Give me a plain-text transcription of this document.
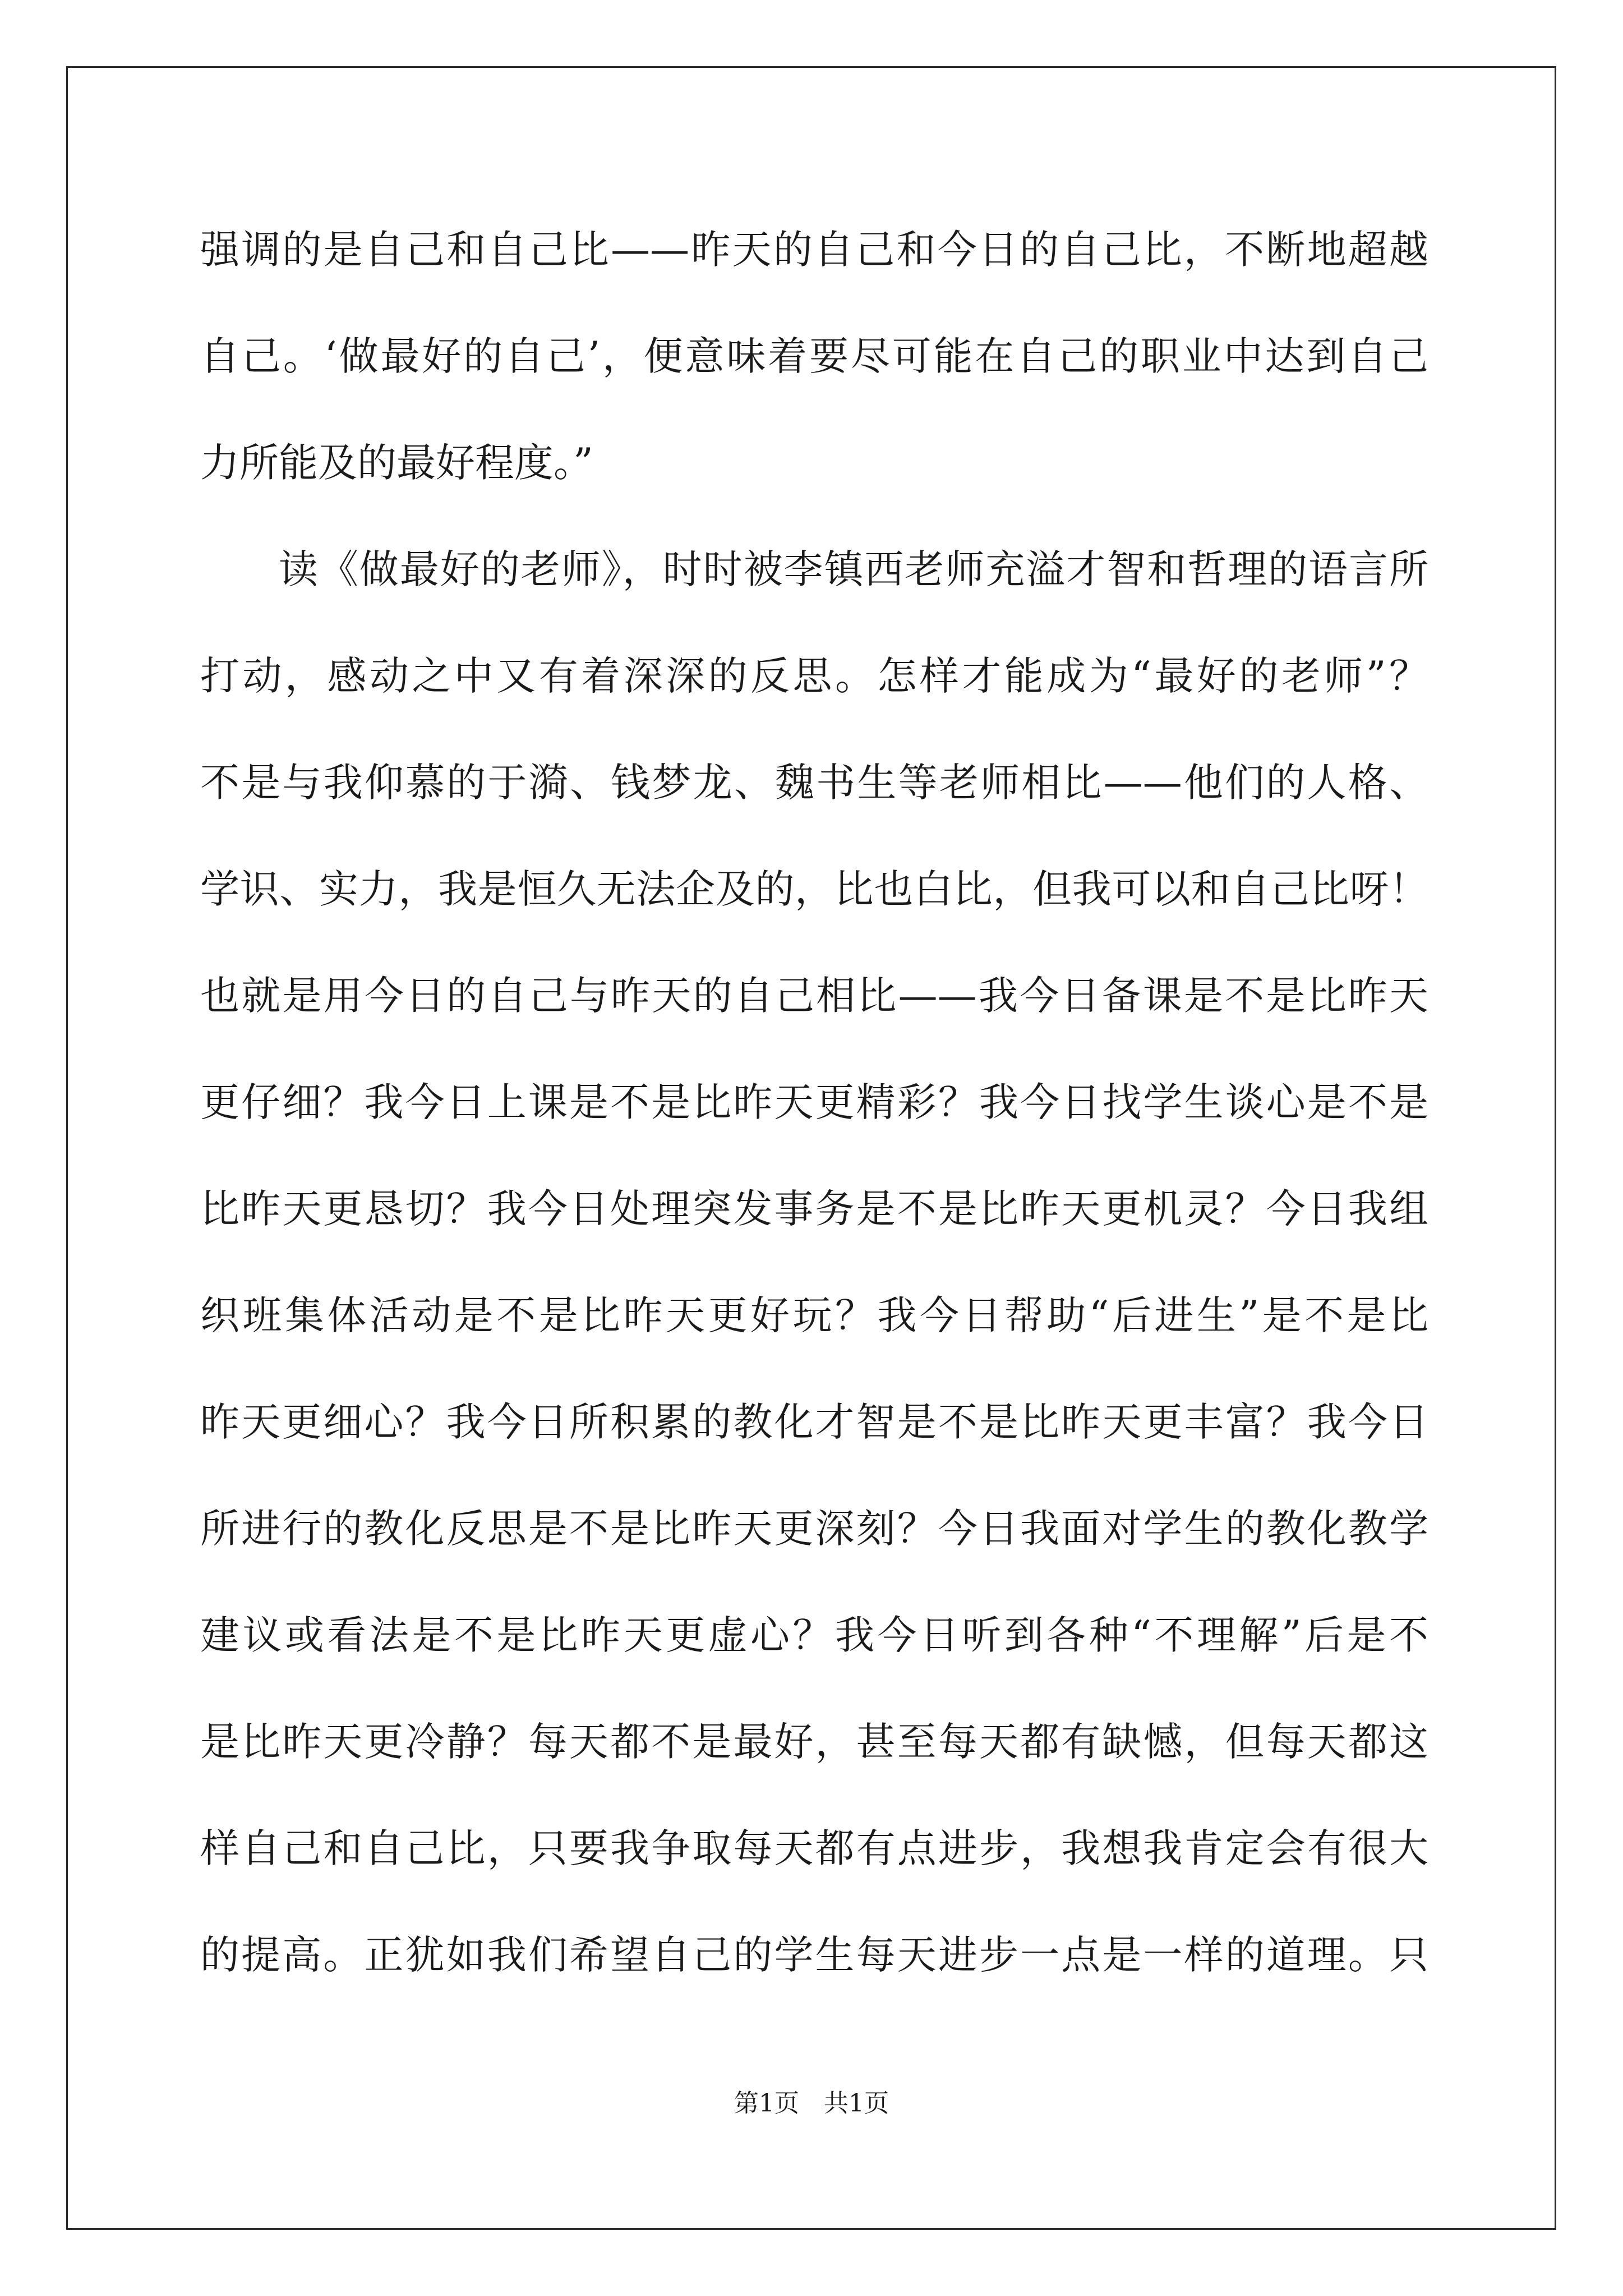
强调的是自己和自己比——昨天的自己和今日的自己比，不断地超越
自己。‘做最好的自己’，便意味着要尽可能在自己的职业中达到自己
力所能及的最好程度。”
读《做最好的老师》，时时被李镇西老师充溢才智和哲理的语言所
打动，感动之中又有着深深的反思。怎样才能成为“最好的老师”？
不是与我仰慕的于漪、钱梦龙、魏书生等老师相比——他们的人格、
学识、实力，我是恒久无法企及的，比也白比，但我可以和自己比呀！
也就是用今日的自己与昨天的自己相比——我今日备课是不是比昨天
更仔细？我今日上课是不是比昨天更精彩？我今日找学生谈心是不是
比昨天更恳切？我今日处理突发事务是不是比昨天更机灵？今日我组
织班集体活动是不是比昨天更好玩？我今日帮助“后进生”是不是比
昨天更细心？我今日所积累的教化才智是不是比昨天更丰富？我今日
所进行的教化反思是不是比昨天更深刻？今日我面对学生的教化教学
建议或看法是不是比昨天更虚心？我今日听到各种“不理解”后是不
是比昨天更冷静？每天都不是最好，甚至每天都有缺憾，但每天都这
样自己和自己比，只要我争取每天都有点进步，我想我肯定会有很大
的提高。正犹如我们希望自己的学生每天进步一点是一样的道理。只
第1页　共1页
